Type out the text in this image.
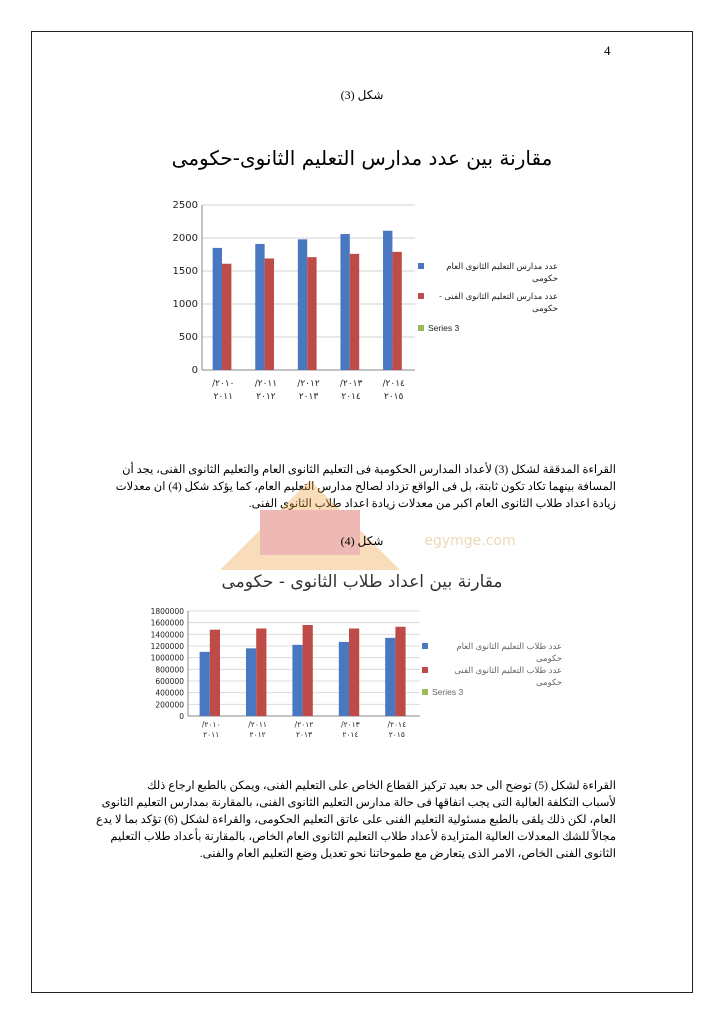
4
شكل (3)
مقارنة بين عدد مدارس التعليم الثانوى-حكومى
0
500
1000
1500
2000
2500
/٢٠١٠
٢٠١١
/٢٠١١
٢٠١٢
/٢٠١٢
٢٠١٣
/٢٠١٣
٢٠١٤
/٢٠١٤
٢٠١٥
عدد مدارس التعليم الثانوى العام
حكومى
عدد مدارس التعليم الثانوى الفنى -
حكومى
Series 3
القراءة المدققة لشكل (3) لأعداد المدارس الحكومية فى التعليم الثانوى العام والتعليم الثانوى الفنى، يجد أن
المسافة بينهما تكاد تكون ثابتة، بل فى الواقع تزداد لصالح مدارس التعليم العام، كما يؤكد شكل (4) ان معدلات
زيادة اعداد طلاب الثانوى العام اكبر من معدلات زيادة اعداد طلاب الثانوى الفنى.
egymge.com
شكل (4)
مقارنة بين اعداد طلاب الثانوى - حكومى
0
200000
400000
600000
800000
1000000
1200000
1400000
1600000
1800000
/٢٠١٠
٢٠١١
/٢٠١١
٢٠١٢
/٢٠١٢
٢٠١٣
/٢٠١٣
٢٠١٤
/٢٠١٤
٢٠١٥
عدد طلاب التعليم الثانوى العام
حكومى
عدد طلاب التعليم الثانوى الفنى
حكومى
Series 3
القراءة لشكل (5) توضح الى حد بعيد تركيز القطاع الخاص على التعليم الفنى، ويمكن بالطبع ارجاع ذلك
لأسباب التكلفة العالية التى يجب انفاقها فى حالة مدارس التعليم الثانوى الفنى، بالمقارنة بمدارس التعليم الثانوى
العام، لكن ذلك يلقى بالطبع مسئولية التعليم الفنى على عاتق التعليم الحكومى، والقراءة لشكل (6) تؤكد بما لا يدع
مجالاً للشك المعدلات العالية المتزايدة لأعداد طلاب التعليم الثانوى العام الخاص، بالمقارنة بأعداد طلاب التعليم
الثانوى الفنى الخاص، الامر الذى يتعارض مع طموحاتنا نحو تعديل وضع التعليم العام والفنى.
